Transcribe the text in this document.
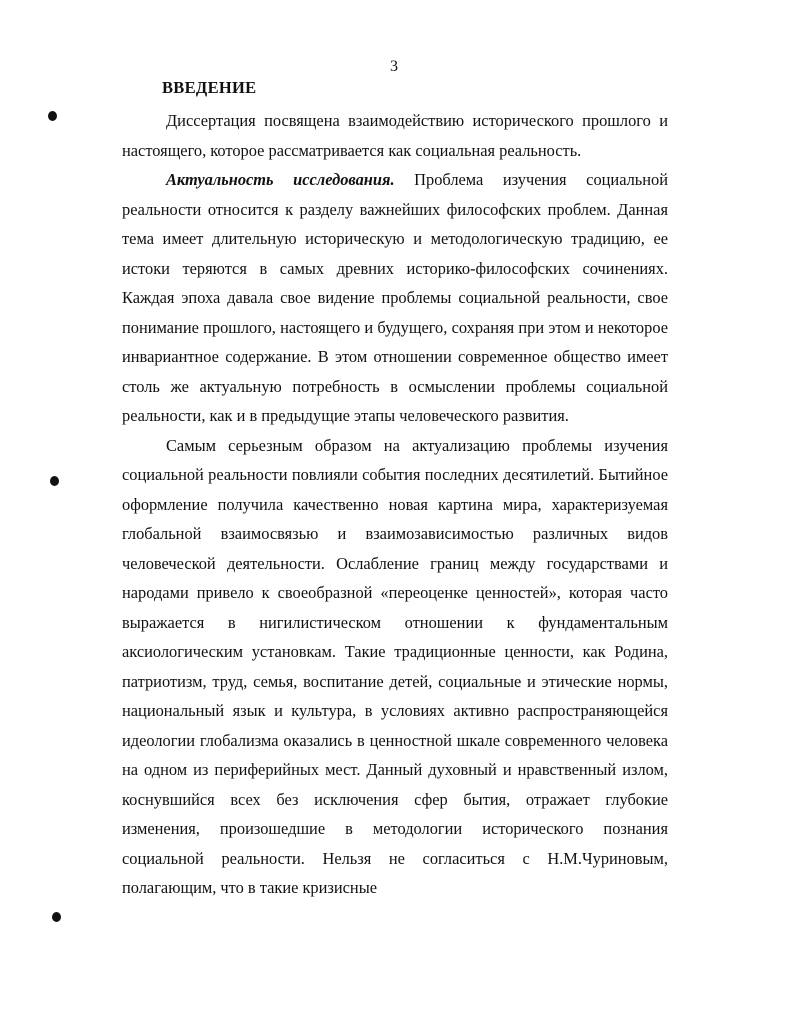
3
ВВЕДЕНИЕ

Диссертация посвящена взаимодействию исторического прошлого и настоящего, которое рассматривается как социальная реальность.

Актуальность исследования. Проблема изучения социальной реальности относится к разделу важнейших философских проблем. Данная тема имеет длительную историческую и методологическую традицию, ее истоки теряются в самых древних историко-философских сочинениях. Каждая эпоха давала свое видение проблемы социальной реальности, свое понимание прошлого, настоящего и будущего, сохраняя при этом и некоторое инвариантное содержание. В этом отношении современное общество имеет столь же актуальную потребность в осмыслении проблемы социальной реальности, как и в предыдущие этапы человеческого развития.

Самым серьезным образом на актуализацию проблемы изучения социальной реальности повлияли события последних десятилетий. Бытийное оформление получила качественно новая картина мира, характеризуемая глобальной взаимосвязью и взаимозависимостью различных видов человеческой деятельности. Ослабление границ между государствами и народами привело к своеобразной «переоценке ценностей», которая часто выражается в нигилистическом отношении к фундаментальным аксиологическим установкам. Такие традиционные ценности, как Родина, патриотизм, труд, семья, воспитание детей, социальные и этические нормы, национальный язык и культура, в условиях активно распространяющейся идеологии глобализма оказались в ценностной шкале современного человека на одном из периферийных мест. Данный духовный и нравственный излом, коснувшийся всех без исключения сфер бытия, отражает глубокие изменения, произошедшие в методологии исторического познания социальной реальности. Нельзя не согласиться с Н.М.Чуриновым, полагающим, что в такие кризисные
